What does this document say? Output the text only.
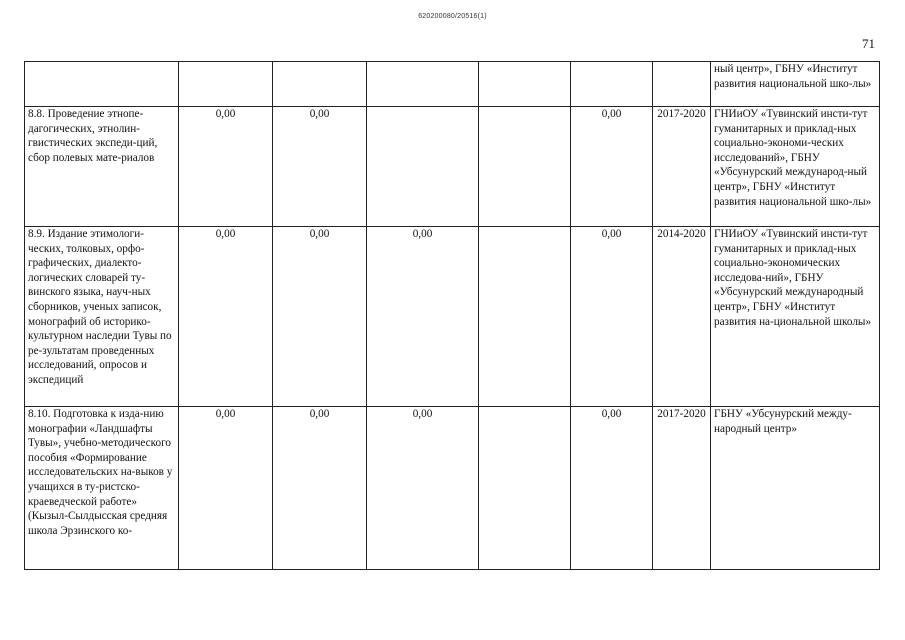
620200080/20516(1)
71
							ный центр», ГБНУ «Институт развития национальной шко-лы»
8.8. Проведение этнопе-дагогических, этнолин-гвистических экспеди-ций, сбор полевых мате-риалов	0,00	0,00			0,00	2017-2020	ГНИиОУ «Тувинский инсти-тут гуманитарных и приклад-ных социально-экономи-ческих исследований», ГБНУ «Убсунурский международ-ный центр», ГБНУ «Институт развития национальной шко-лы»
8.9. Издание этимологи-ческих, толковых, орфо-графических, диалекто-логических словарей ту-винского языка, науч-ных сборников, ученых записок, монографий об историко-культурном наследии Тувы по ре-зультатам проведенных исследований, опросов и экспедиций	0,00	0,00	0,00		0,00	2014-2020	ГНИиОУ «Тувинский инсти-тут гуманитарных и приклад-ных социально-экономических исследова-ний», ГБНУ «Убсунурский международный центр», ГБНУ «Институт развития на-циональной школы»
8.10. Подготовка к изда-нию монографии «Ландшафты Тувы», учебно-методического пособия «Формирование исследовательских на-выков у учащихся в ту-ристско-краеведческой работе» (Кызыл-Сылдысская средняя школа Эрзинского ко-	0,00	0,00	0,00		0,00	2017-2020	ГБНУ «Убсунурский между-народный центр»
